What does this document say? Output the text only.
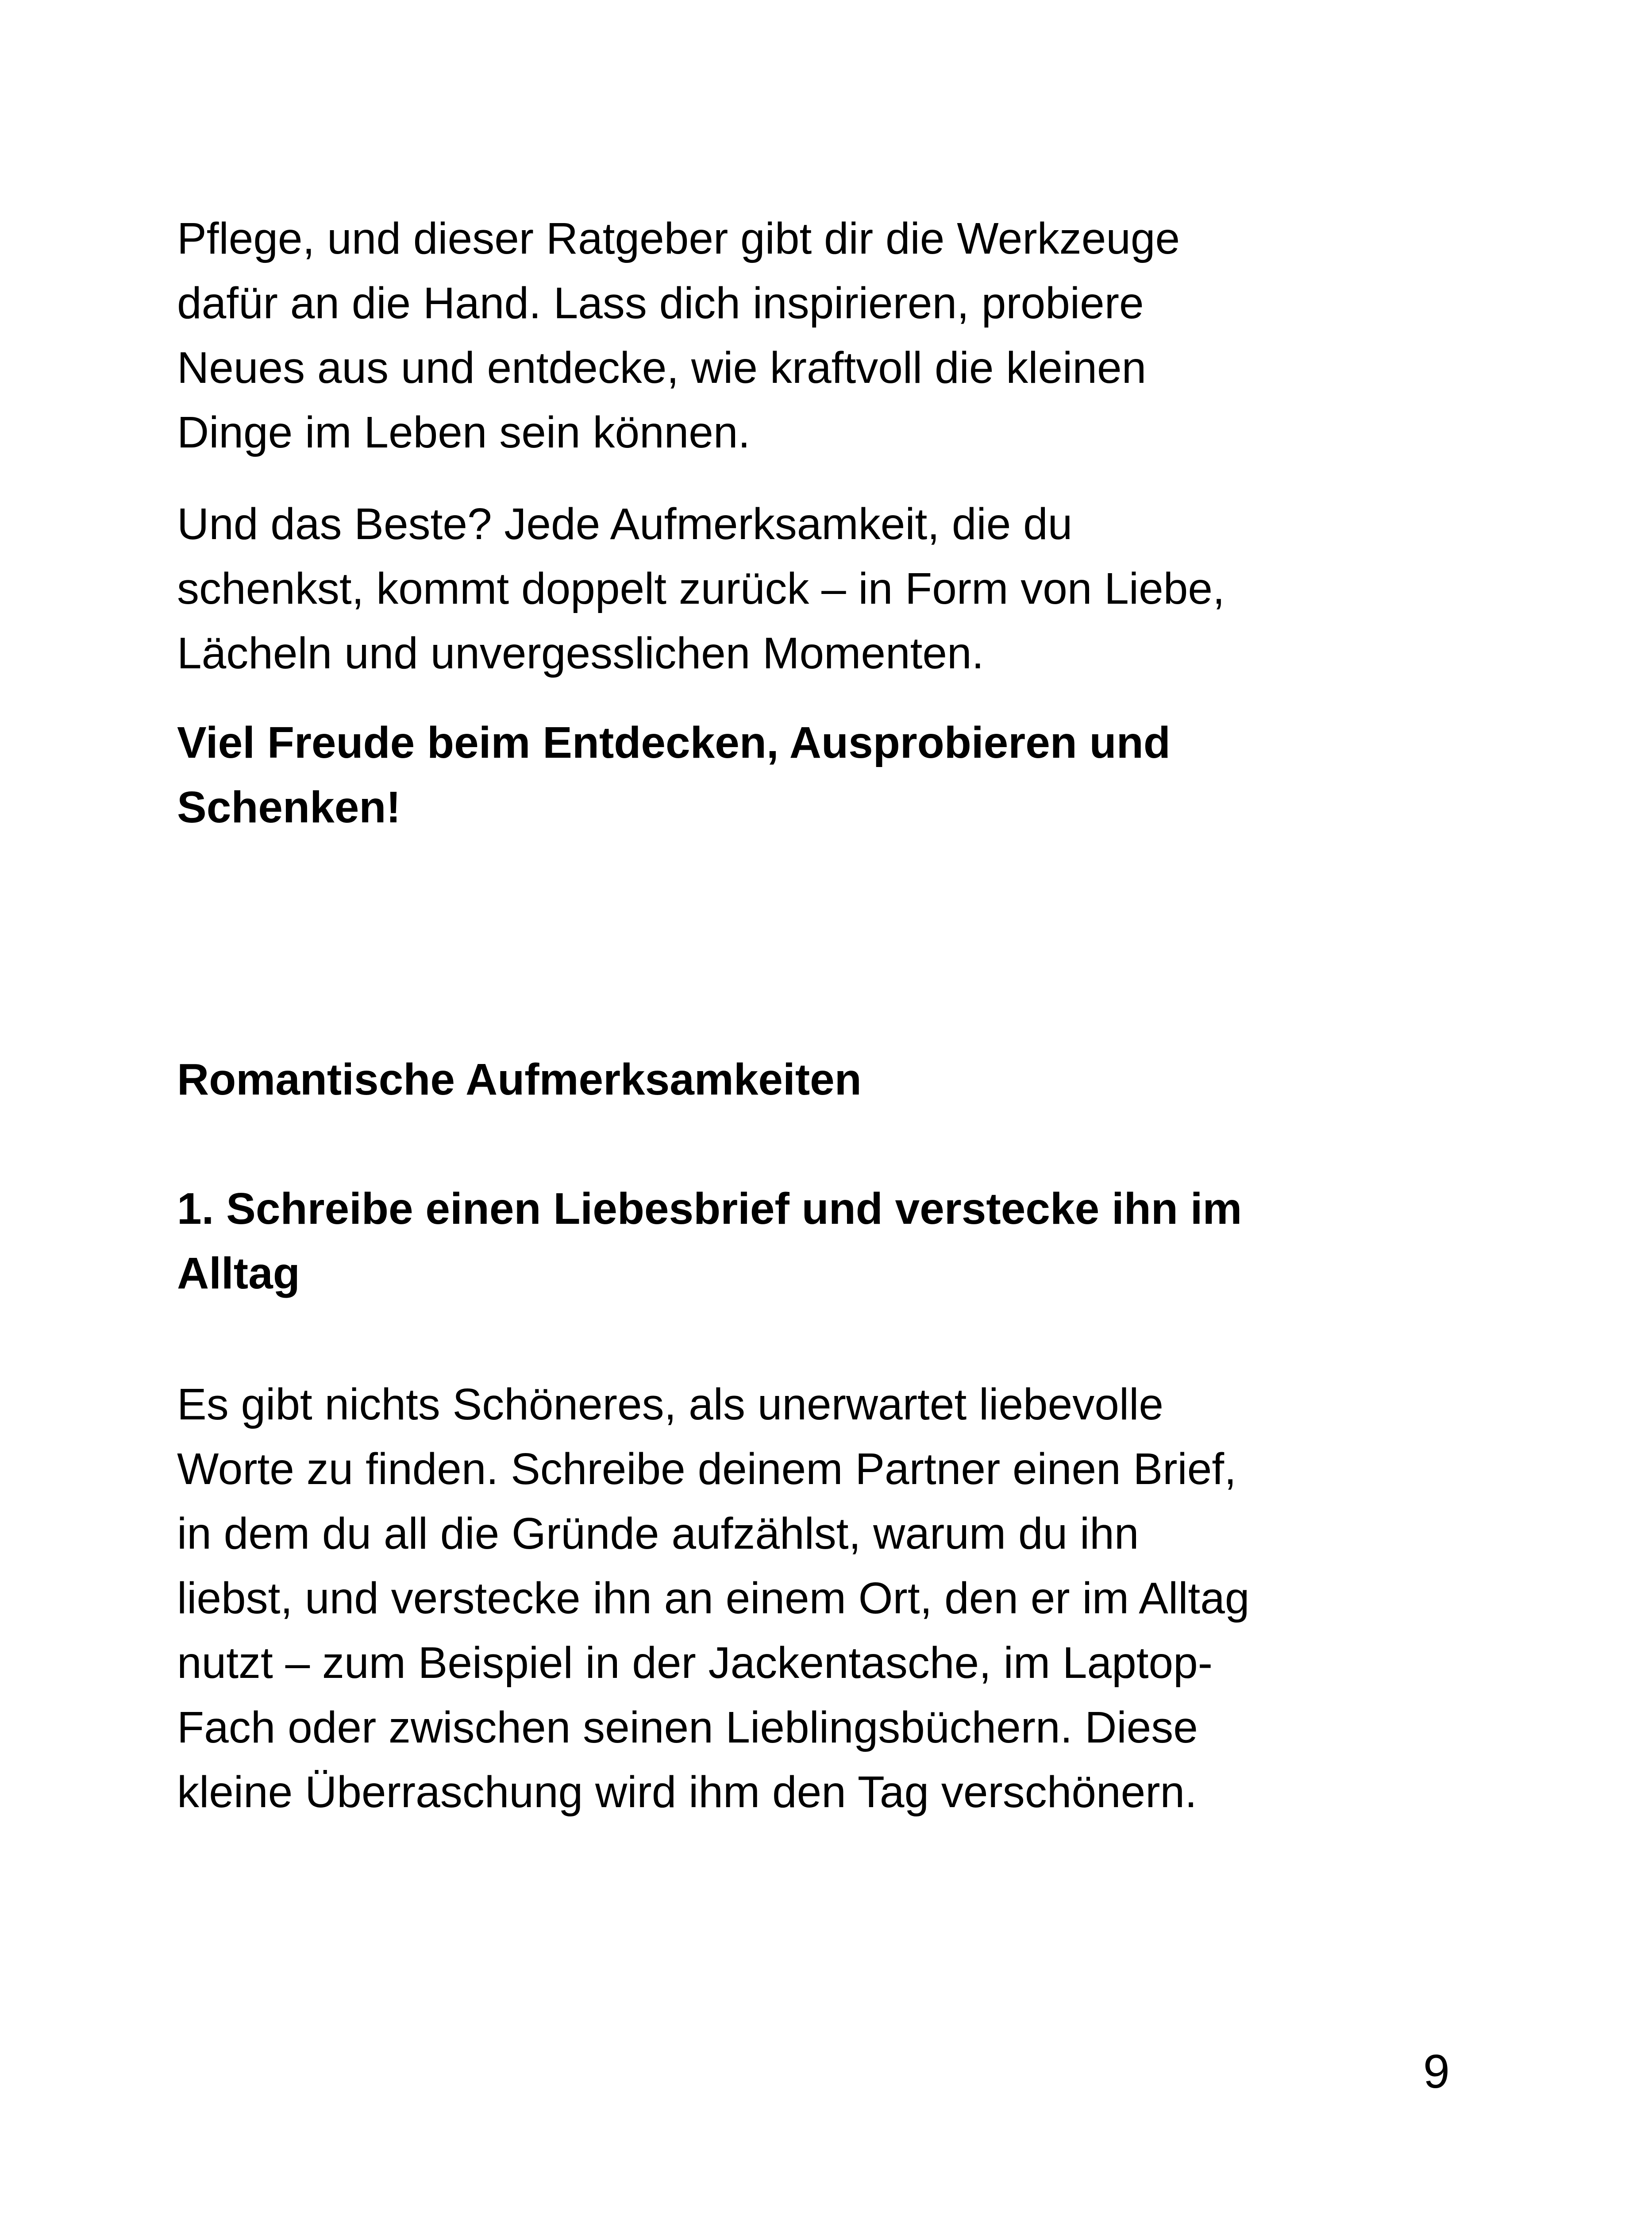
Pflege, und dieser Ratgeber gibt dir die Werkzeuge
dafür an die Hand. Lass dich inspirieren, probiere
Neues aus und entdecke, wie kraftvoll die kleinen
Dinge im Leben sein können.

Und das Beste? Jede Aufmerksamkeit, die du
schenkst, kommt doppelt zurück – in Form von Liebe,
Lächeln und unvergesslichen Momenten.

Viel Freude beim Entdecken, Ausprobieren und
Schenken!

Romantische Aufmerksamkeiten
1. Schreibe einen Liebesbrief und verstecke ihn im
Alltag

Es gibt nichts Schöneres, als unerwartet liebevolle
Worte zu finden. Schreibe deinem Partner einen Brief,
in dem du all die Gründe aufzählst, warum du ihn
liebst, und verstecke ihn an einem Ort, den er im Alltag
nutzt – zum Beispiel in der Jackentasche, im Laptop-
Fach oder zwischen seinen Lieblingsbüchern. Diese
kleine Überraschung wird ihm den Tag verschönern.

9
